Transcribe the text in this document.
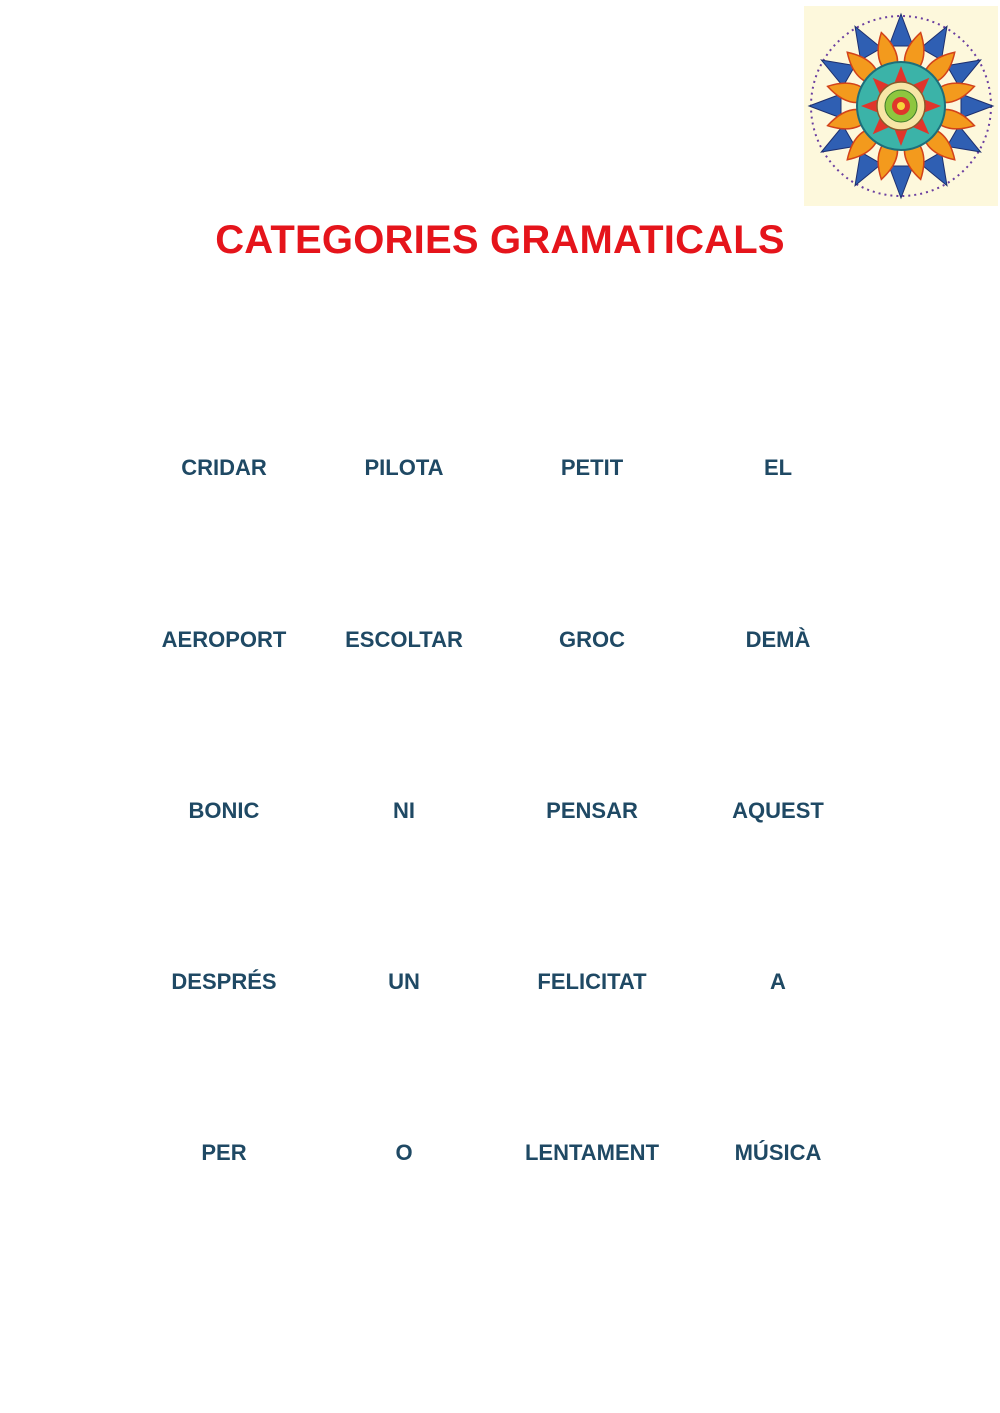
CATEGORIES GRAMATICALS
CRIDAR	PILOTA	PETIT	EL
AEROPORT	ESCOLTAR	GROC	DEMÀ
BONIC	NI	PENSAR	AQUEST
DESPRÉS	UN	FELICITAT	A
PER	O	LENTAMENT	MÚSICA
